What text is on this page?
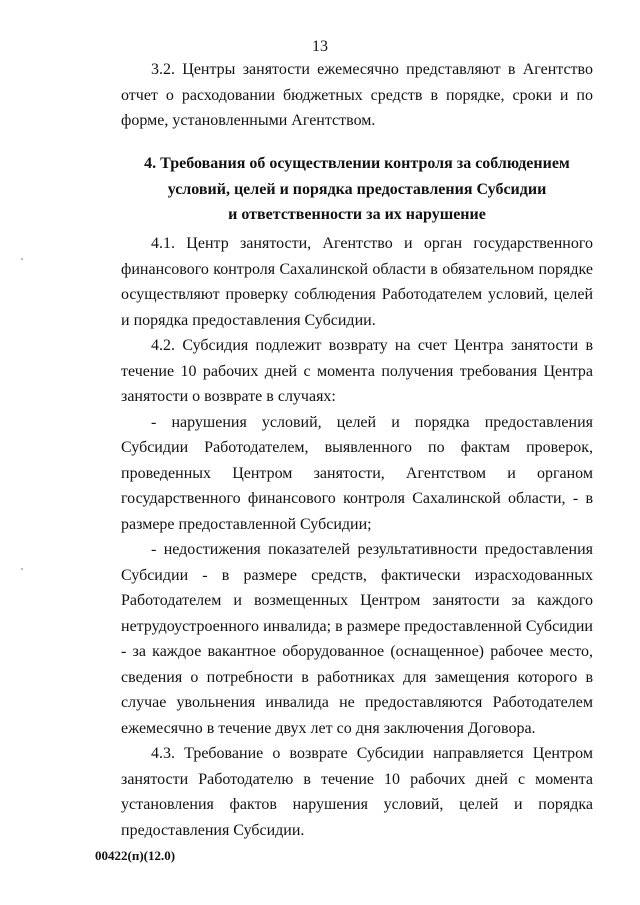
13

3.2. Центры занятости ежемесячно представляют в Агентство отчет о расходовании бюджетных средств в порядке, сроки и по форме, установленными Агентством.

4. Требования об осуществлении контроля за соблюдением
условий, целей и порядка предоставления Субсидии
и ответственности за их нарушение

4.1. Центр занятости, Агентство и орган государственного финансового контроля Сахалинской области в обязательном порядке осуществляют проверку соблюдения Работодателем условий, целей и порядка предоставления Субсидии.

4.2. Субсидия подлежит возврату на счет Центра занятости в течение 10 рабочих дней с момента получения требования Центра занятости о возврате в случаях:

- нарушения условий, целей и порядка предоставления Субсидии Работодателем, выявленного по фактам проверок, проведенных Центром занятости, Агентством и органом государственного финансового контроля Сахалинской области, - в размере предоставленной Субсидии;

- недостижения показателей результативности предоставления Субсидии - в размере средств, фактически израсходованных Работодателем и возмещенных Центром занятости за каждого нетрудоустроенного инвалида; в размере предоставленной Субсидии - за каждое вакантное оборудованное (оснащенное) рабочее место, сведения о потребности в работниках для замещения которого в случае увольнения инвалида не предоставляются Работодателем ежемесячно в течение двух лет со дня заключения Договора.

4.3. Требование о возврате Субсидии направляется Центром занятости Работодателю в течение 10 рабочих дней с момента установления фактов нарушения условий, целей и порядка предоставления Субсидии.

00422(п)(12.0)
